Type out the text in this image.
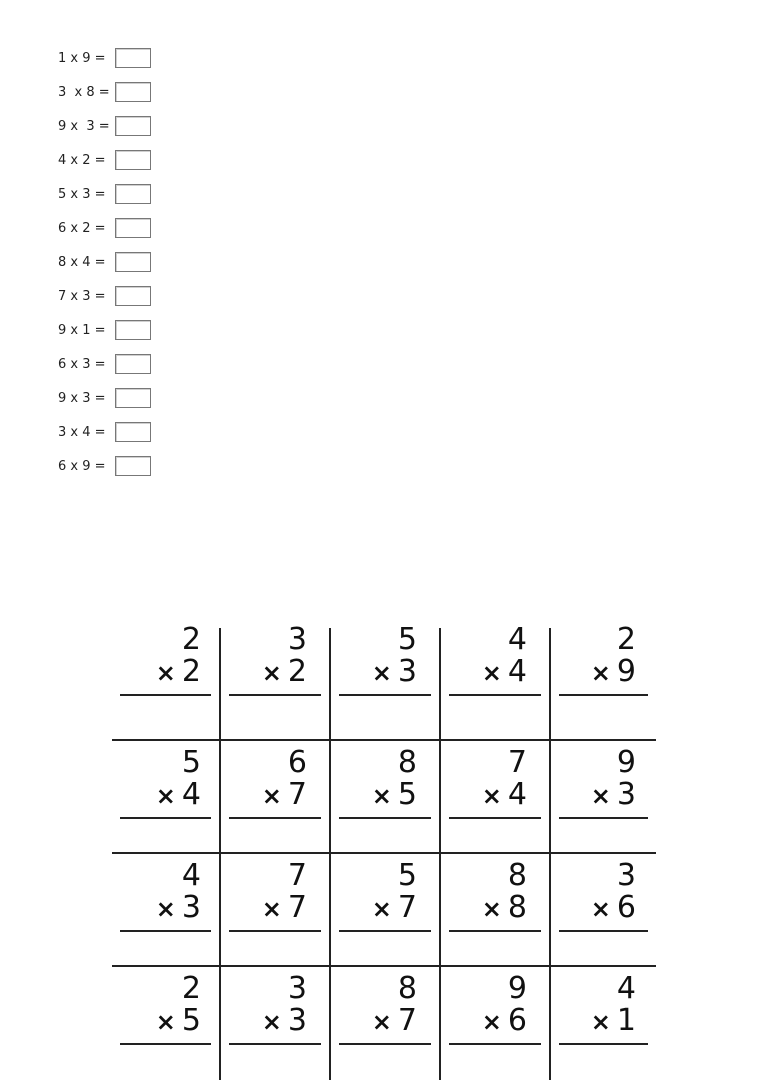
1 x 9 =
3  x 8 =
9 x  3 =
4 x 2 =
5 x 3 =
6 x 2 =
8 x 4 =
7 x 3 =
9 x 1 =
6 x 3 =
9 x 3 =
3 x 4 =
6 x 9 =
2
× 2
3
× 2
5
× 3
4
× 4
2
× 9
5
× 4
6
× 7
8
× 5
7
× 4
9
× 3
4
× 3
7
× 7
5
× 7
8
× 8
3
× 6
2
× 5
3
× 3
8
× 7
9
× 6
4
× 1
